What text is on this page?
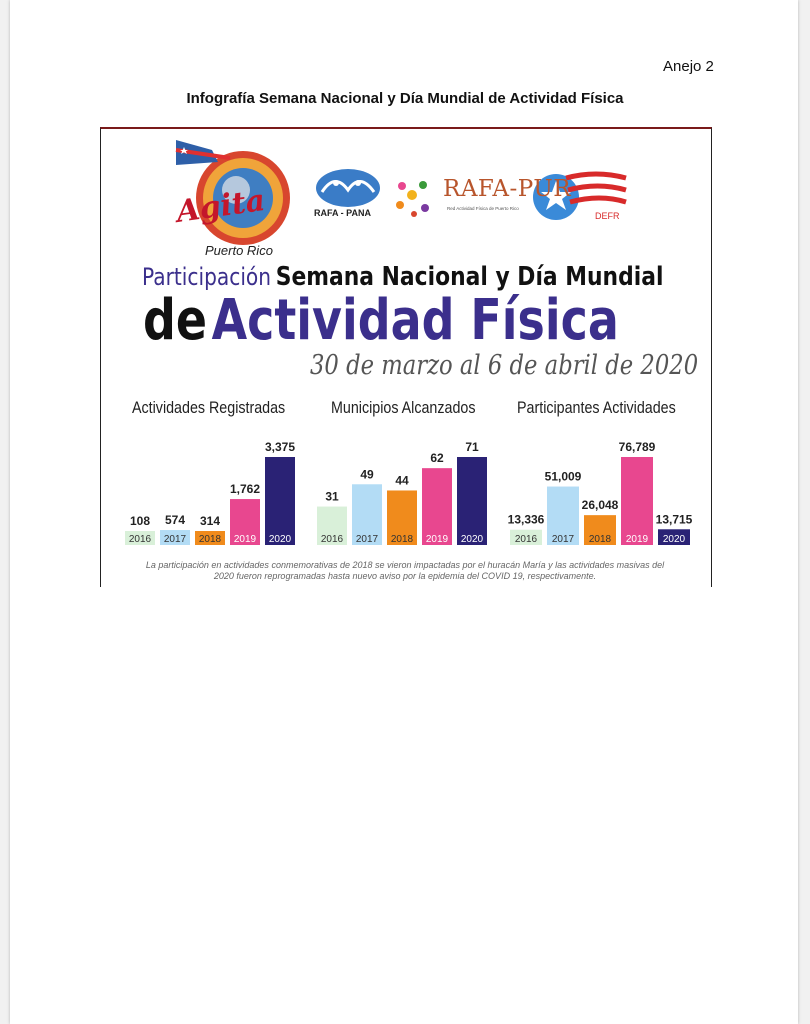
Anejo 2
Infografía Semana Nacional y Día Mundial de Actividad Física
Agita	DEFR
Puerto Rico
RAFA - PANA
RAFA-PUR
Red Actividad Física de Puerto Rico
Participación Semana Nacional y Día Mundial
de Actividad Física
30 de marzo al 6 de abril de 2020
Actividades Registradas	Municipios Alcanzados Participantes Actividades
2016
108
2017
574
2018
314
2019
1,762
2020
3,375
2016
31
2017
49
2018
44
2019
62
2020
71
2016
13,336
2017
51,009
2018
26,048
2019
76,789
2020
13,715
La participación en actividades conmemorativas de 2018 se vieron impactadas por el huracán María y las actividades masivas del 2020 fueron reprogramadas hasta nuevo aviso por la epidemia del COVID 19, respectivamente.
